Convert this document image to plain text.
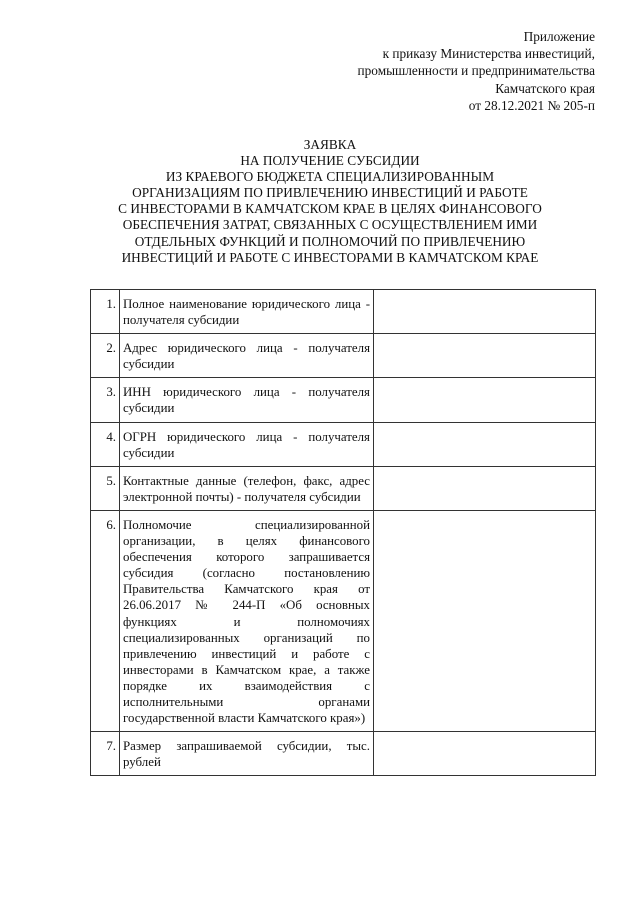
Приложение
к приказу Министерства инвестиций,
промышленности и предпринимательства
Камчатского края
от 28.12.2021 № 205-п
ЗАЯВКА
НА ПОЛУЧЕНИЕ СУБСИДИИ
ИЗ КРАЕВОГО БЮДЖЕТА СПЕЦИАЛИЗИРОВАННЫМ
ОРГАНИЗАЦИЯМ ПО ПРИВЛЕЧЕНИЮ ИНВЕСТИЦИЙ И РАБОТЕ
С ИНВЕСТОРАМИ В КАМЧАТСКОМ КРАЕ В ЦЕЛЯХ ФИНАНСОВОГО
ОБЕСПЕЧЕНИЯ ЗАТРАТ, СВЯЗАННЫХ С ОСУЩЕСТВЛЕНИЕМ ИМИ
ОТДЕЛЬНЫХ ФУНКЦИЙ И ПОЛНОМОЧИЙ ПО ПРИВЛЕЧЕНИЮ
ИНВЕСТИЦИЙ И РАБОТЕ С ИНВЕСТОРАМИ В КАМЧАТСКОМ КРАЕ
1.	Полное наименование юридического лица - получателя субсидии	
2.	Адрес юридического лица - получателя субсидии	
3.	ИНН юридического лица - получателя субсидии	
4.	ОГРН юридического лица - получателя субсидии	
5.	Контактные данные (телефон, факс, адрес электронной почты) - получателя субсидии	
6.	Полномочие специализированной организации, в целях финансового обеспечения которого запрашивается субсидия (согласно постановлению Правительства Камчатского края от 26.06.2017 № 244-П «Об основных функциях и полномочиях специализированных организаций по привлечению инвестиций и работе с инвесторами в Камчатском крае, а также порядке их взаимодействия с исполнительными органами государственной власти Камчатского края»)	
7.	Размер запрашиваемой субсидии, тыс. рублей	
